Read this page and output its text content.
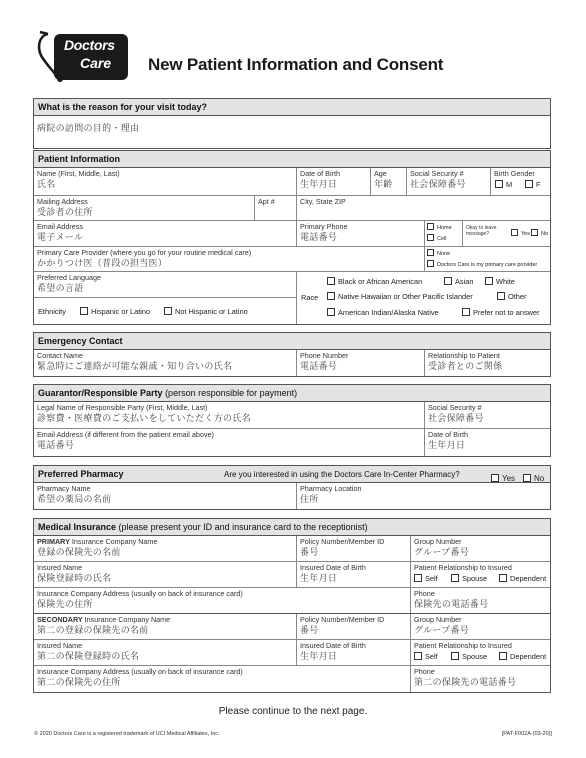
Doctors
Care New Patient Information and Consent
What is the reason for your visit today?
病院の訪問の目的・理由
Patient Information
Name (First, Middle, Last)
氏名
Date of Birth
生年月日
Age
年齢
Social Security #
社会保障番号
Birth Gender
M	F
Mailing Address
受診者の住所
Apt #	City, State ZIP
Email Address
電子メール
Primary Phone
電話番号
Home
Cell
Okay to leave message?	Yes	No
Primary Care Provider (where you go for your routine medical care)
かかりつけ医（普段の担当医）
None
Doctors Care is my primary care provider
Preferred Language
希望の言語
Ethnicity	Hispanic or Latino	Not Hispanic or Latino
Race
Black or African American	Asian	White
Native Hawaiian or Other Pacific Islander	Other
American Indian/Alaska Native	Prefer not to answer
Emergency Contact
Contact Name
緊急時にご連絡が可能な親戚・知り合いの氏名
Phone Number
電話番号
Relationship to Patient
受診者とのご関係
Guarantor/Responsible Party (person responsible for payment)
Legal Name of Responsible Party (First, Middle, Last)
診察費・医療費のご支払いをしていただく方の氏名
Social Security #
社会保障番号
Email Address (if different from the patient email above)
電話番号
Date of Birth
生年月日
Preferred Pharmacy	Are you interested in using the Doctors Care In-Center Pharmacy?	Yes	No
Pharmacy Name
希望の薬局の名前
Pharmacy Location
住所
Medical Insurance (please present your ID and insurance card to the receptionist)
PRIMARY Insurance Company Name
登録の保険先の名前
Policy Number/Member ID
番号
Group Number
グループ番号
Insured Name
保険登録時の氏名
Insured Date of Birth
生年月日
Patient Relationship to Insured
Self	Spouse	Dependent
Insurance Company Address (usually on back of insurance card)
保険先の住所
Phone
保険先の電話番号
SECONDARY Insurance Company Name
第二の登録の保険先の名前
Policy Number/Member ID
番号
Group Number
グループ番号
Insured Name
第二の保険登録時の氏名
Insured Date of Birth
生年月日
Patient Relationship to Insured
Self	Spouse	Dependent
Insurance Company Address (usually on back of insurance card)
第二の保険先の住所
Phone
第二の保険先の電話番号
Please continue to the next page.
© 2020 Doctors Care is a registered trademark of UCI Medical Affiliates, Inc.	[PAT-F002A-(03-20)]
